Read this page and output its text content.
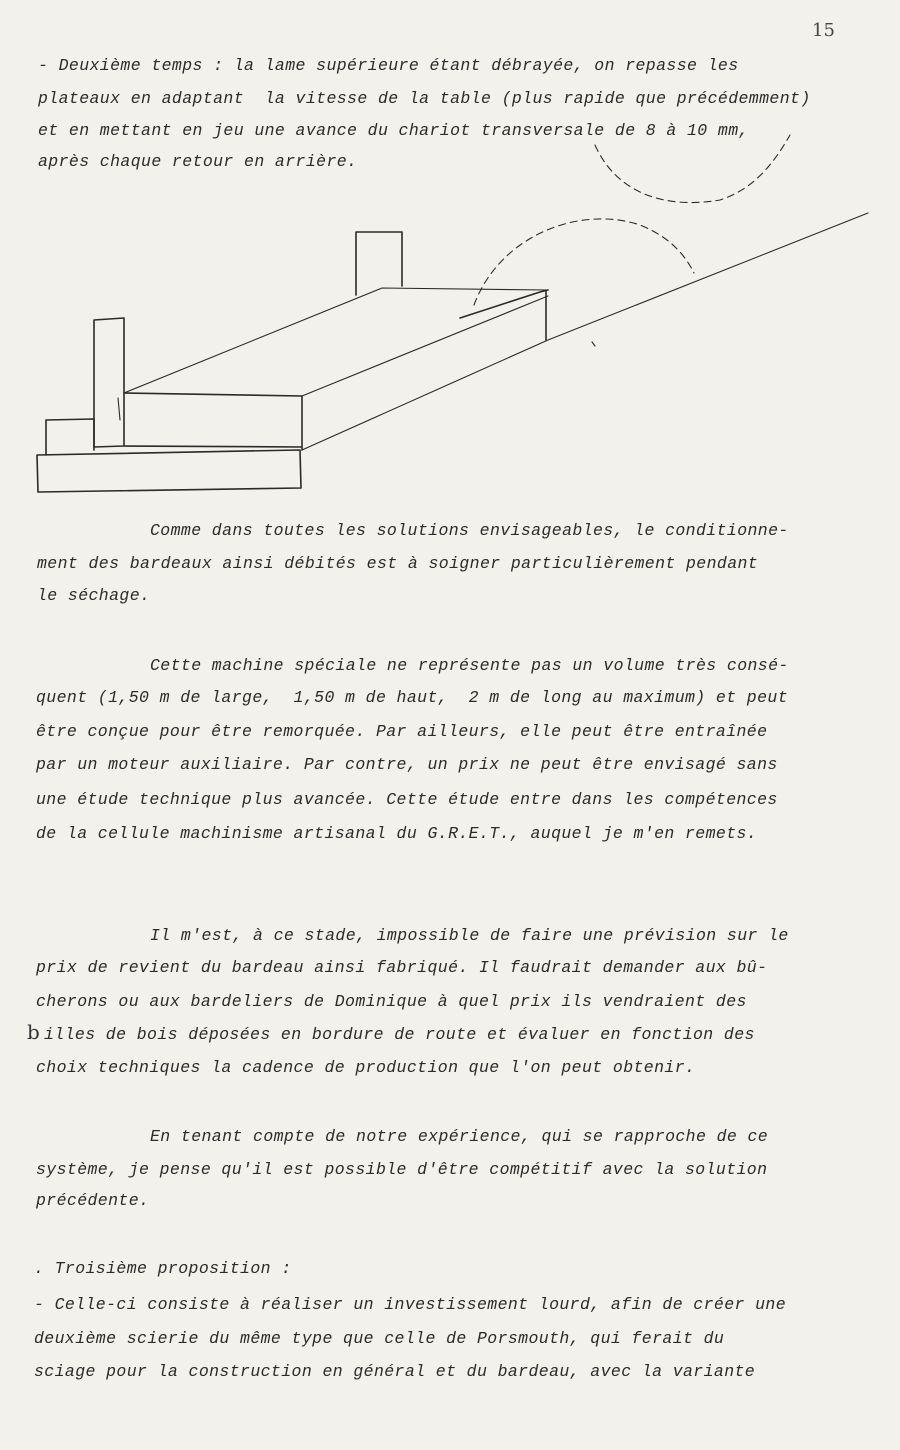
15
- Deuxième temps : la lame supérieure étant débrayée, on repasse les
plateaux en adaptant  la vitesse de la table (plus rapide que précédemment)
et en mettant en jeu une avance du chariot transversale de 8 à 10 mm,
après chaque retour en arrière.
Comme dans toutes les solutions envisageables, le conditionne-
ment des bardeaux ainsi débités est à soigner particulièrement pendant
le séchage.
Cette machine spéciale ne représente pas un volume très consé-
quent (1,50 m de large,  1,50 m de haut,  2 m de long au maximum) et peut
être conçue pour être remorquée. Par ailleurs, elle peut être entraînée
par un moteur auxiliaire. Par contre, un prix ne peut être envisagé sans
une étude technique plus avancée. Cette étude entre dans les compétences
de la cellule machinisme artisanal du G.R.E.T., auquel je m'en remets.
Il m'est, à ce stade, impossible de faire une prévision sur le
prix de revient du bardeau ainsi fabriqué. Il faudrait demander aux bû-
cherons ou aux bardeliers de Dominique à quel prix ils vendraient des
b illes de bois déposées en bordure de route et évaluer en fonction des
choix techniques la cadence de production que l'on peut obtenir.
En tenant compte de notre expérience, qui se rapproche de ce
système, je pense qu'il est possible d'être compétitif avec la solution
précédente.
. Troisième proposition :
- Celle-ci consiste à réaliser un investissement lourd, afin de créer une
deuxième scierie du même type que celle de Porsmouth, qui ferait du
sciage pour la construction en général et du bardeau, avec la variante
